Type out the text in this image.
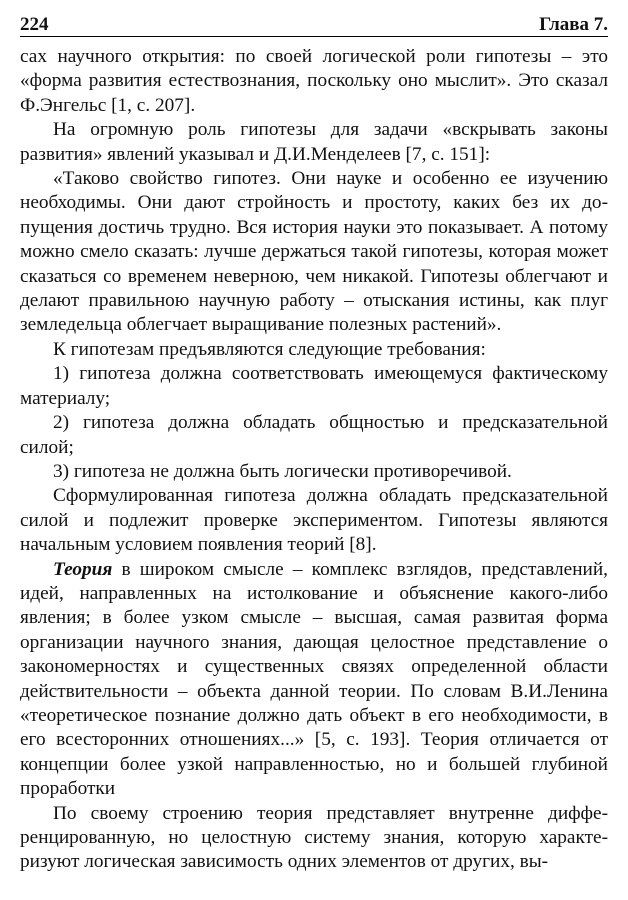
224	Глава 7.

сах научного открытия: по своей логической роли гипотезы – это «форма развития естествознания, поскольку оно мыслит». Это сказал Ф.Энгельс [1, с. 207].

На огромную роль гипотезы для задачи «вскрывать законы развития» явлений указывал и Д.И.Менделеев [7, с. 151]:

«Таково свойство гипотез. Они науке и особенно ее изучению необходимы. Они дают стройность и простоту, каких без их допущения достичь трудно. Вся история науки это показывает. А потому можно смело сказать: лучше держаться такой гипотезы, которая может сказаться со временем неверною, чем никакой. Гипотезы облегчают и делают правильною научную работу – отыскания истины, как плуг земледельца облегчает выращивание полезных растений».

К гипотезам предъявляются следующие требования:

1) гипотеза должна соответствовать имеющемуся фактическому материалу;

2) гипотеза должна обладать общностью и предсказательной силой;

3) гипотеза не должна быть логически противоречивой.

Сформулированная гипотеза должна обладать предсказательной силой и подлежит проверке экспериментом. Гипотезы являются начальным условием появления теорий [8].

Теория в широком смысле – комплекс взглядов, представлений, идей, направленных на истолкование и объяснение какого-либо явления; в более узком смысле – высшая, самая развитая форма организации научного знания, дающая целостное представление о закономерностях и существенных связях определенной области действительности – объекта данной теории. По словам В.И.Ленина «теоретическое познание должно дать объект в его необходимости, в его всесторонних отношениях...» [5, с. 193]. Теория отличается от концепции более узкой направленностью, но и большей глубиной проработки

По своему строению теория представляет внутренне дифференцированную, но целостную систему знания, которую характеризуют логическая зависимость одних элементов от других, вы-
